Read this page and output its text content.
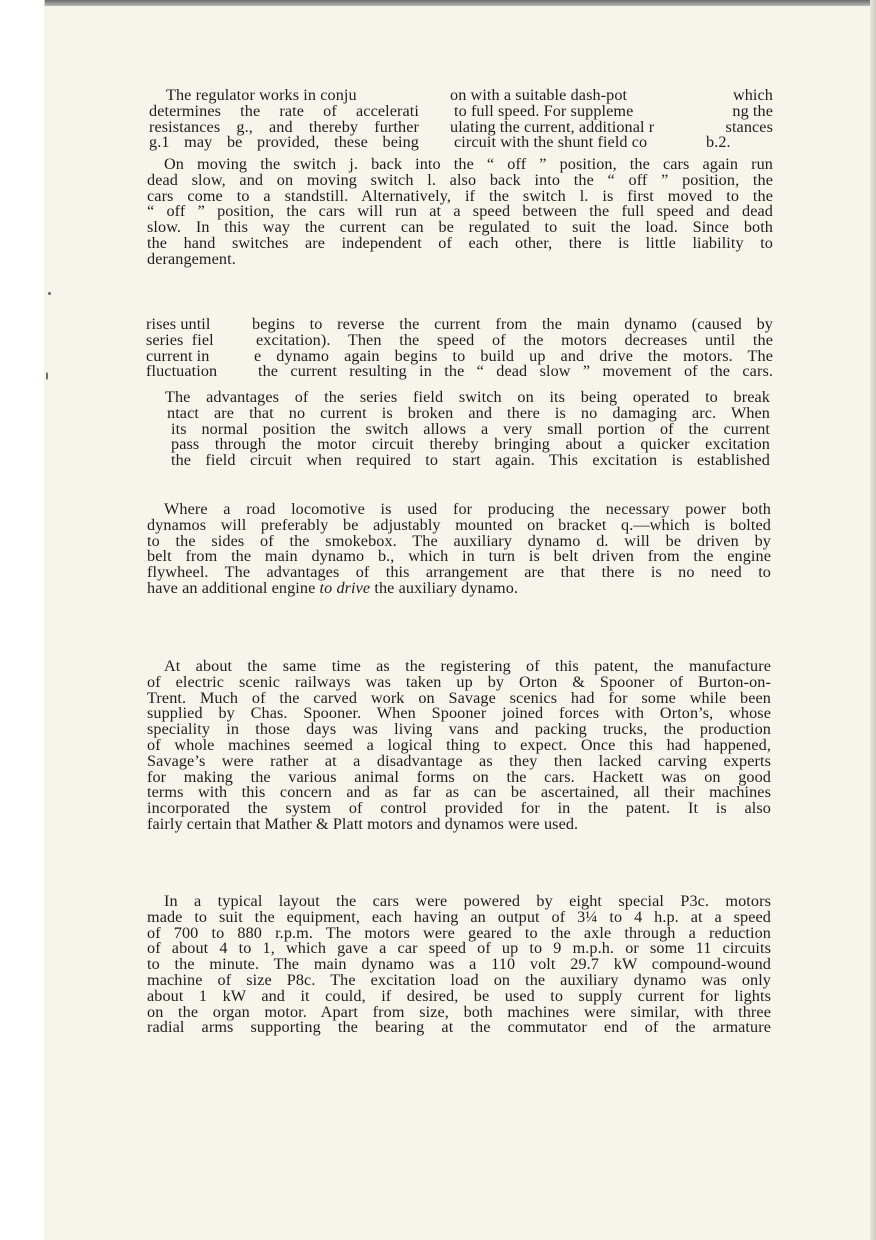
The regulator works in conju
determines the rate of accelerati
resistances g., and thereby further
g.1 may be provided, these being
on with a suitable dash-pot
to full speed. For suppleme
ulating the current, additional r
circuit with the shunt field co
which
ng the
stances
b.2.
On moving the switch j. back into the “ off ” position, the cars again run
dead slow, and on moving switch l. also back into the “ off ” position, the
cars come to a standstill. Alternatively, if the switch l. is first moved to the
“ off ” position, the cars will run at a speed between the full speed and dead
slow. In this way the current can be regulated to suit the load. Since both
the hand switches are independent of each other, there is little liability to
derangement.
rises until
series  fiel
current in
fluctuation
begins to reverse the current from the main dynamo (caused by
excitation). Then the speed of the motors decreases until the
e dynamo again begins to build up and drive the motors. The
the current resulting in the “ dead slow ” movement of the cars.
The advantages of the series field switch on its being operated to break
ntact are that no current is broken and there is no damaging arc. When
its normal position the switch allows a very small portion of the current
pass through the motor circuit thereby bringing about a quicker excitation
the field circuit when required to start again. This excitation is established
Where a road locomotive is used for producing the necessary power both
dynamos will preferably be adjustably mounted on bracket q.—which is bolted
to the sides of the smokebox. The auxiliary dynamo d. will be driven by
belt from the main dynamo b., which in turn is belt driven from the engine
flywheel. The advantages of this arrangement are that there is no need to
have an additional engine to drive the auxiliary dynamo.
At about the same time as the registering of this patent, the manufacture
of electric scenic railways was taken up by Orton & Spooner of Burton-on-
Trent. Much of the carved work on Savage scenics had for some while been
supplied by Chas. Spooner. When Spooner joined forces with Orton’s, whose
speciality in those days was living vans and packing trucks, the production
of whole machines seemed a logical thing to expect. Once this had happened,
Savage’s were rather at a disadvantage as they then lacked carving experts
for making the various animal forms on the cars. Hackett was on good
terms with this concern and as far as can be ascertained, all their machines
incorporated the system of control provided for in the patent. It is also
fairly certain that Mather & Platt motors and dynamos were used.
In a typical layout the cars were powered by eight special P3c. motors
made to suit the equipment, each having an output of 3¼ to 4 h.p. at a speed
of 700 to 880 r.p.m. The motors were geared to the axle through a reduction
of about 4 to 1, which gave a car speed of up to 9 m.p.h. or some 11 circuits
to the minute. The main dynamo was a 110 volt 29.7 kW compound-wound
machine of size P8c. The excitation load on the auxiliary dynamo was only
about 1 kW and it could, if desired, be used to supply current for lights
on the organ motor. Apart from size, both machines were similar, with three
radial arms supporting the bearing at the commutator end of the armature
